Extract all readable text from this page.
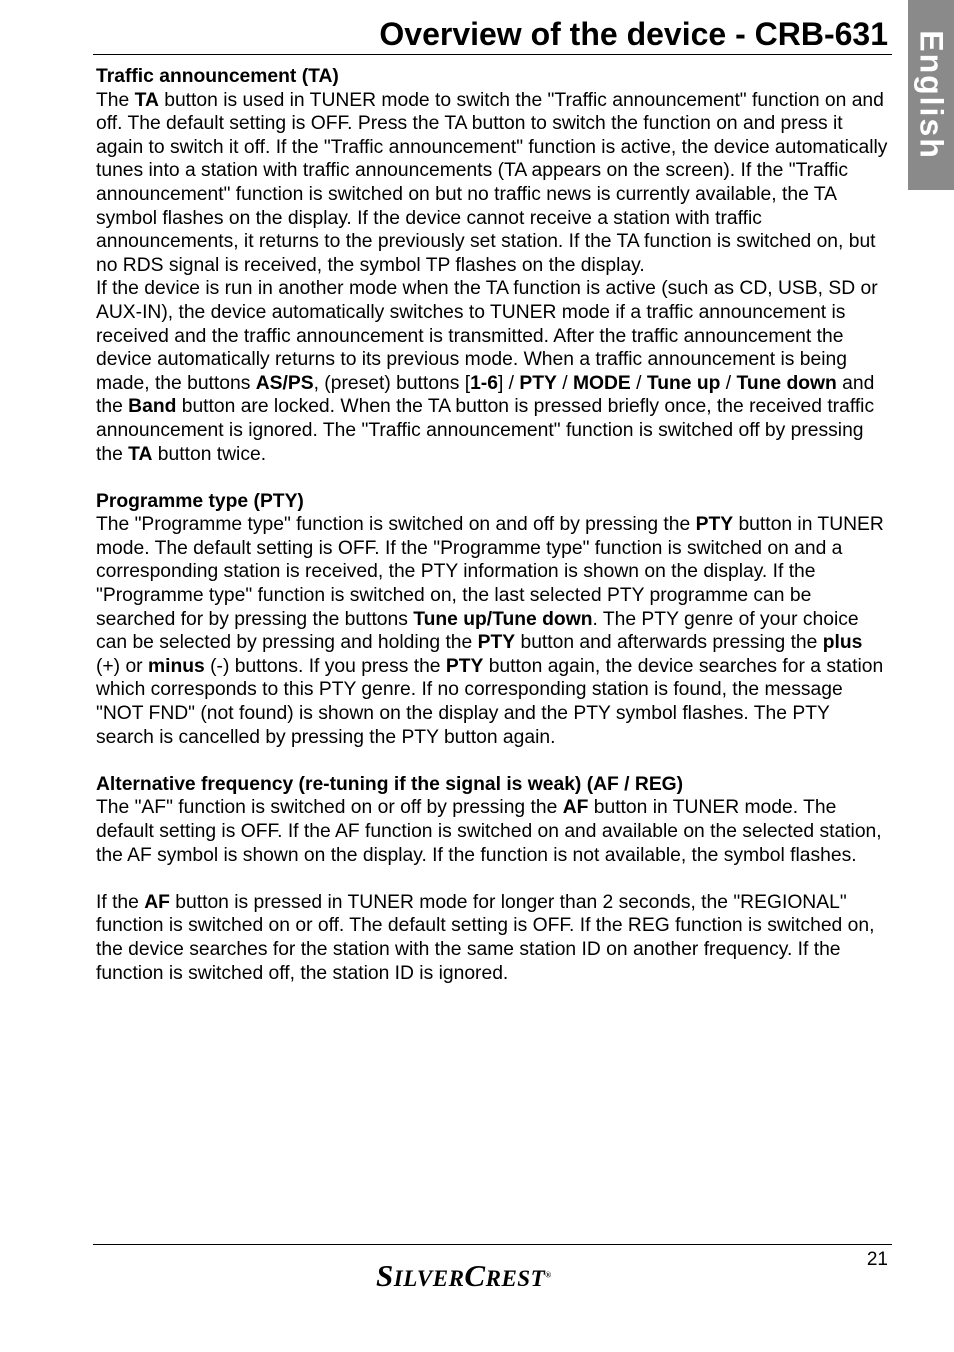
Overview of the device - CRB-631 English
Traffic announcement (TA)

The TA button is used in TUNER mode to switch the "Traffic announcement" function on and off. The default setting is OFF. Press the TA button to switch the function on and press it again to switch it off. If the "Traffic announcement" function is active, the device automatically tunes into a station with traffic announcements (TA appears on the screen). If the "Traffic announcement" function is switched on but no traffic news is currently available, the TA symbol flashes on the display. If the device cannot receive a station with traffic announcements, it returns to the previously set station. If the TA function is switched on, but no RDS signal is received, the symbol TP flashes on the display.

If the device is run in another mode when the TA function is active (such as CD, USB, SD or AUX-IN), the device automatically switches to TUNER mode if a traffic announcement is received and the traffic announcement is transmitted. After the traffic announcement the device automatically returns to its previous mode. When a traffic announcement is being made, the buttons AS/PS, (preset) buttons [1-6] / PTY / MODE / Tune up / Tune down and the Band button are locked. When the TA button is pressed briefly once, the received traffic announcement is ignored. The "Traffic announcement" function is switched off by pressing the TA button twice.

Programme type (PTY)

The "Programme type" function is switched on and off by pressing the PTY button in TUNER mode. The default setting is OFF. If the "Programme type" function is switched on and a corresponding station is received, the PTY information is shown on the display. If the "Programme type" function is switched on, the last selected PTY programme can be searched for by pressing the buttons Tune up/Tune down. The PTY genre of your choice can be selected by pressing and holding the PTY button and afterwards pressing the plus (+) or minus (-) buttons. If you press the PTY button again, the device searches for a station which corresponds to this PTY genre. If no corresponding station is found, the message "NOT FND" (not found) is shown on the display and the PTY symbol flashes. The PTY search is cancelled by pressing the PTY button again.

Alternative frequency (re-tuning if the signal is weak) (AF / REG)

The "AF" function is switched on or off by pressing the AF button in TUNER mode. The default setting is OFF. If the AF function is switched on and available on the selected station, the AF symbol is shown on the display. If the function is not available, the symbol flashes.

If the AF button is pressed in TUNER mode for longer than 2 seconds, the "REGIONAL" function is switched on or off. The default setting is OFF. If the REG function is switched on, the device searches for the station with the same station ID on another frequency. If the function is switched off, the station ID is ignored.

21
SILVERCREST®
